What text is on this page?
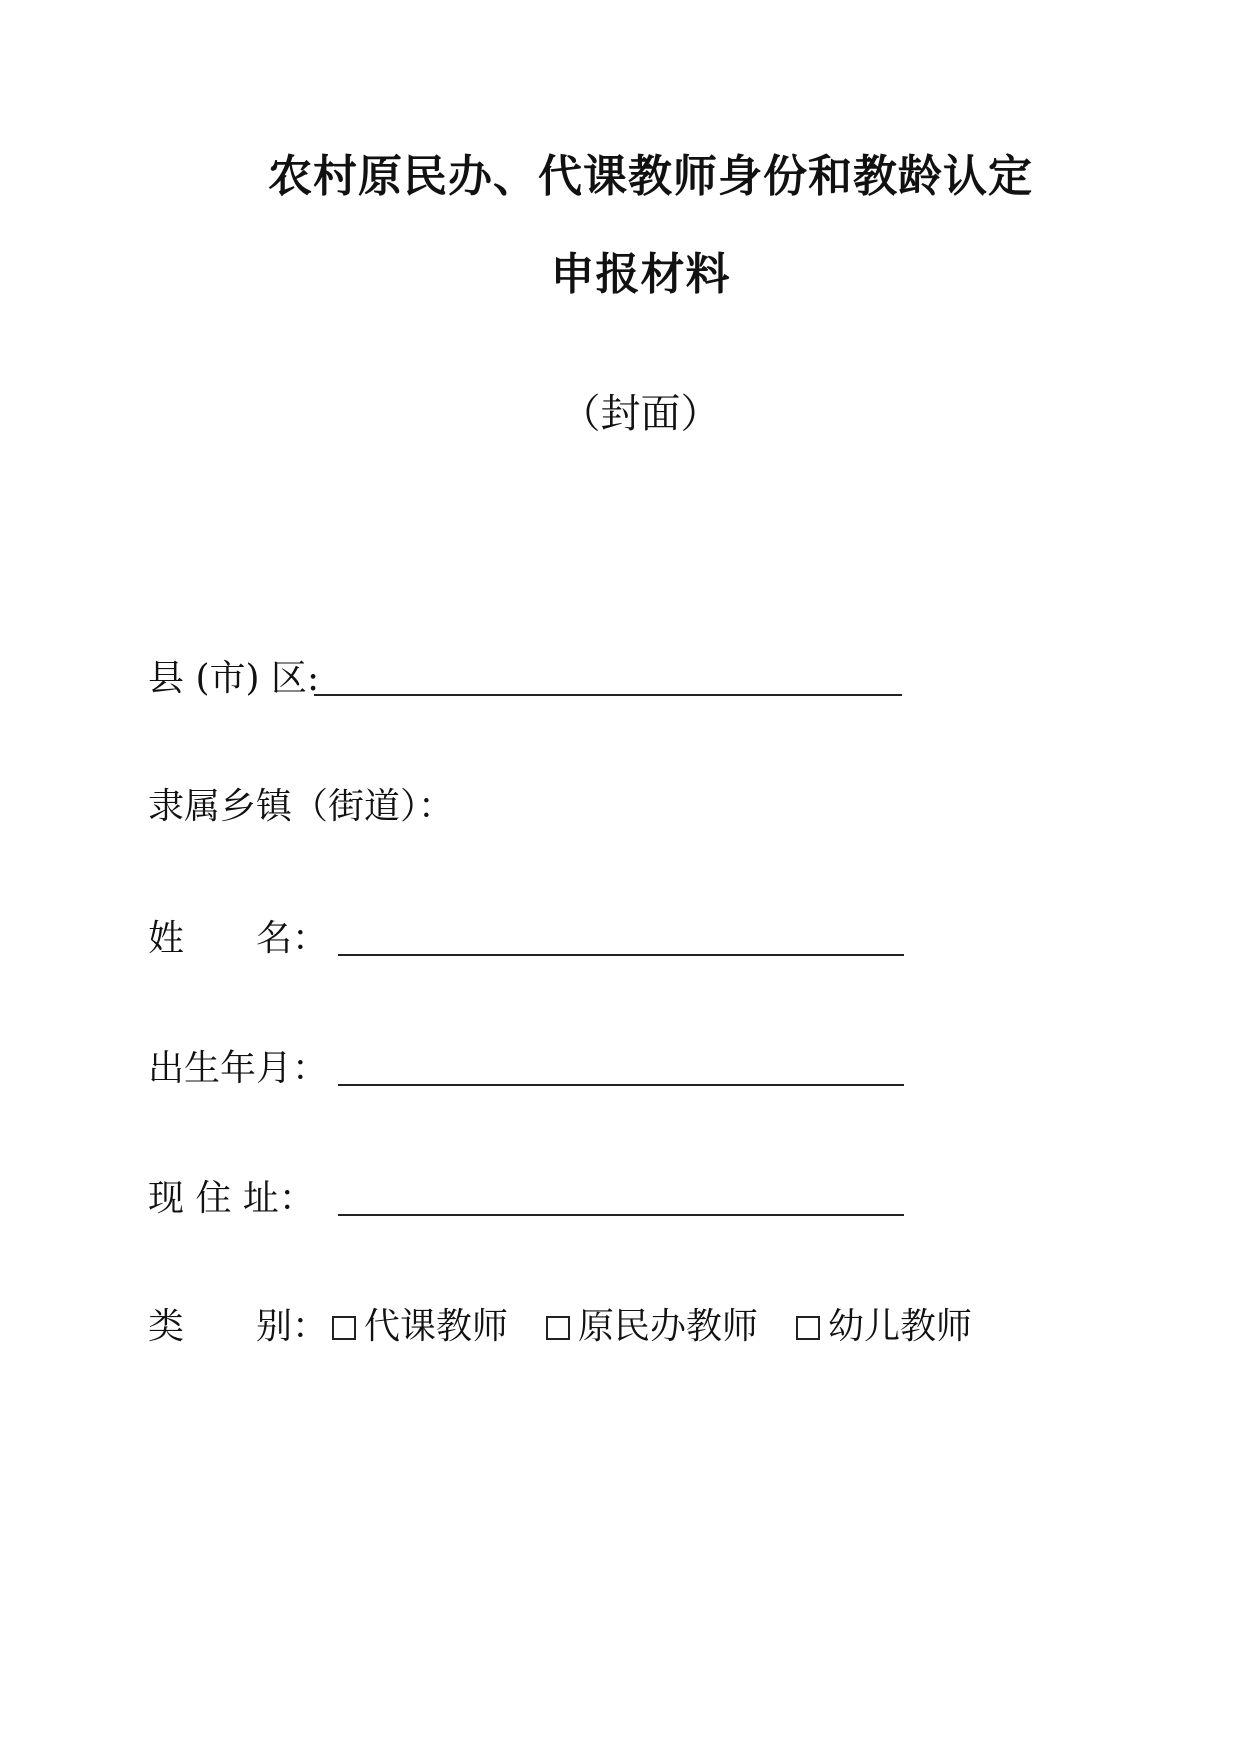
农村原民办、代课教师身份和教龄认定
申报材料
（封面）
县 (市) 区:
隶属乡镇（街道）：
姓　　名：
出生年月：
现 住 址：
类　　别： 代课教师 原民办教师 幼儿教师
